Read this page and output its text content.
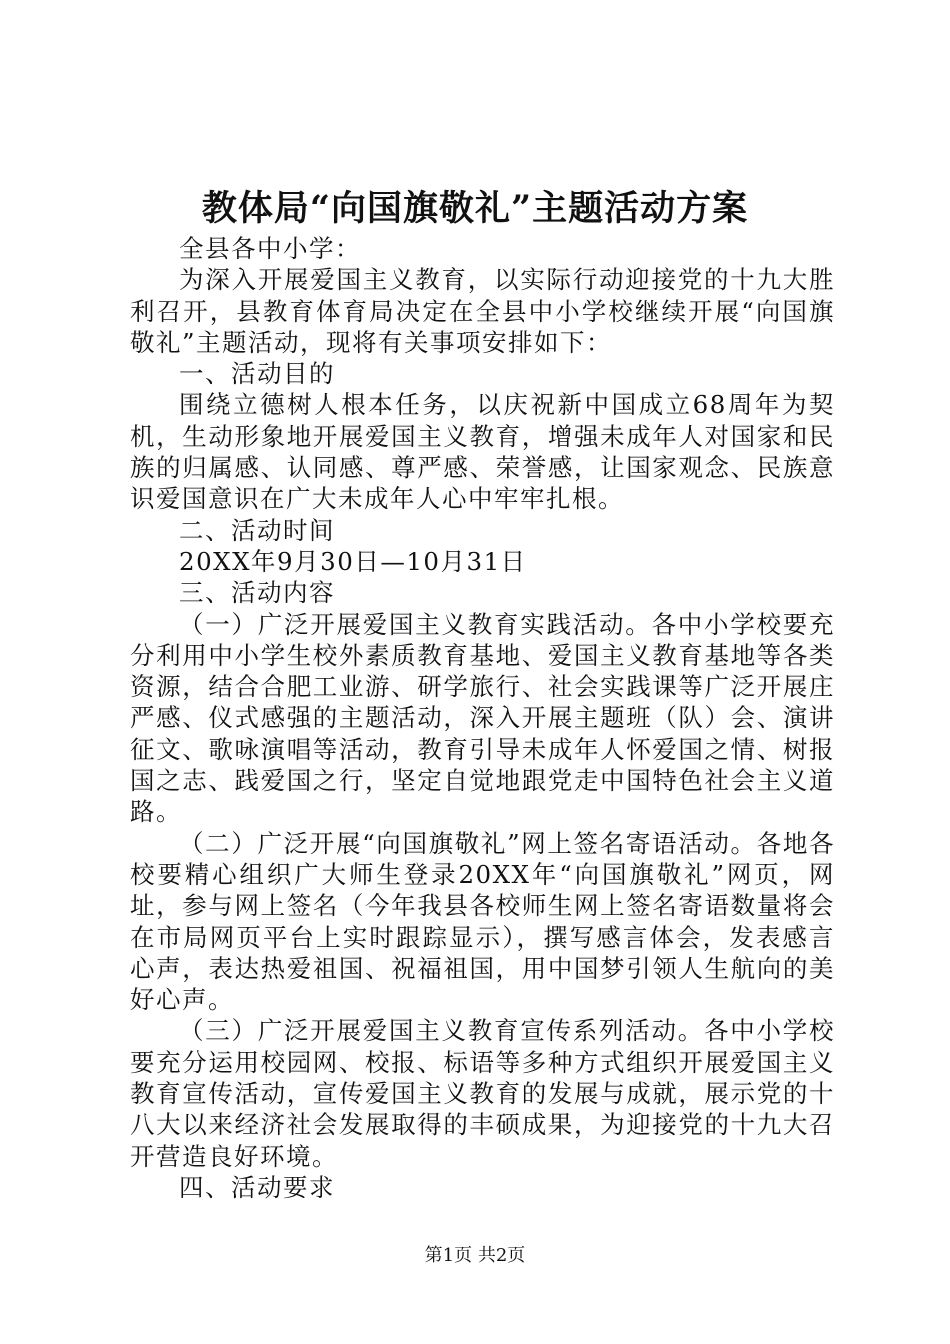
教体局“向国旗敬礼”主题活动方案

全县各中小学：

为深入开展爱国主义教育，以实际行动迎接党的十九大胜利召开，县教育体育局决定在全县中小学校继续开展“向国旗敬礼”主题活动，现将有关事项安排如下：

一、活动目的

围绕立德树人根本任务，以庆祝新中国成立68周年为契机，生动形象地开展爱国主义教育，增强未成年人对国家和民族的归属感、认同感、尊严感、荣誉感，让国家观念、民族意识爱国意识在广大未成年人心中牢牢扎根。

二、活动时间

20XX年9月30日—10月31日

三、活动内容

（一）广泛开展爱国主义教育实践活动。各中小学校要充分利用中小学生校外素质教育基地、爱国主义教育基地等各类资源，结合合肥工业游、研学旅行、社会实践课等广泛开展庄严感、仪式感强的主题活动，深入开展主题班（队）会、演讲征文、歌咏演唱等活动，教育引导未成年人怀爱国之情、树报国之志、践爱国之行，坚定自觉地跟党走中国特色社会主义道路。

（二）广泛开展“向国旗敬礼”网上签名寄语活动。各地各校要精心组织广大师生登录20XX年“向国旗敬礼”网页，网址，参与网上签名（今年我县各校师生网上签名寄语数量将会在市局网页平台上实时跟踪显示），撰写感言体会，发表感言心声，表达热爱祖国、祝福祖国，用中国梦引领人生航向的美好心声。

（三）广泛开展爱国主义教育宣传系列活动。各中小学校要充分运用校园网、校报、标语等多种方式组织开展爱国主义教育宣传活动，宣传爱国主义教育的发展与成就，展示党的十八大以来经济社会发展取得的丰硕成果，为迎接党的十九大召开营造良好环境。

四、活动要求

第1页 共2页
